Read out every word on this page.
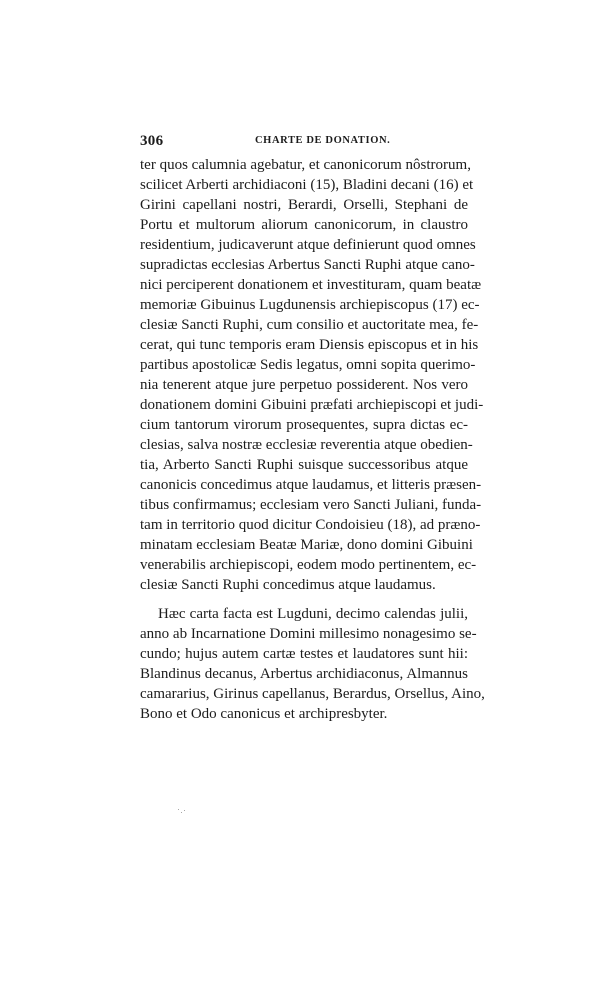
306	CHARTE DE DONATION.
ter quos calumnia agebatur, et canonicorum nôstrorum,
scilicet Arberti archidiaconi (15), Bladini decani (16) et
Girini capellani nostri, Berardi, Orselli, Stephani de
Portu et multorum aliorum canonicorum, in claustro
residentium, judicaverunt atque definierunt quod omnes
supradictas ecclesias Arbertus Sancti Ruphi atque cano-
nici perciperent donationem et investituram, quam beatæ
memoriæ Gibuinus Lugdunensis archiepiscopus (17) ec-
clesiæ Sancti Ruphi, cum consilio et auctoritate mea, fe-
cerat, qui tunc temporis eram Diensis episcopus et in his
partibus apostolicæ Sedis legatus, omni sopita querimo-
nia tenerent atque jure perpetuo possiderent. Nos vero
donationem domini Gibuini præfati archiepiscopi et judi-
cium tantorum virorum prosequentes, supra dictas ec-
clesias, salva nostræ ecclesiæ reverentia atque obedien-
tia, Arberto Sancti Ruphi suisque successoribus atque
canonicis concedimus atque laudamus, et litteris præsen-
tibus confirmamus; ecclesiam vero Sancti Juliani, funda-
tam in territorio quod dicitur Condoisieu (18), ad præno-
minatam ecclesiam Beatæ Mariæ, dono domini Gibuini
venerabilis archiepiscopi, eodem modo pertinentem, ec-
clesiæ Sancti Ruphi concedimus atque laudamus.
Hæc carta facta est Lugduni, decimo calendas julii,
anno ab Incarnatione Domini millesimo nonagesimo se-
cundo; hujus autem cartæ testes et laudatores sunt hii:
Blandinus decanus, Arbertus archidiaconus, Almannus
camararius, Girinus capellanus, Berardus, Orsellus, Aino,
Bono et Odo canonicus et archipresbyter.
